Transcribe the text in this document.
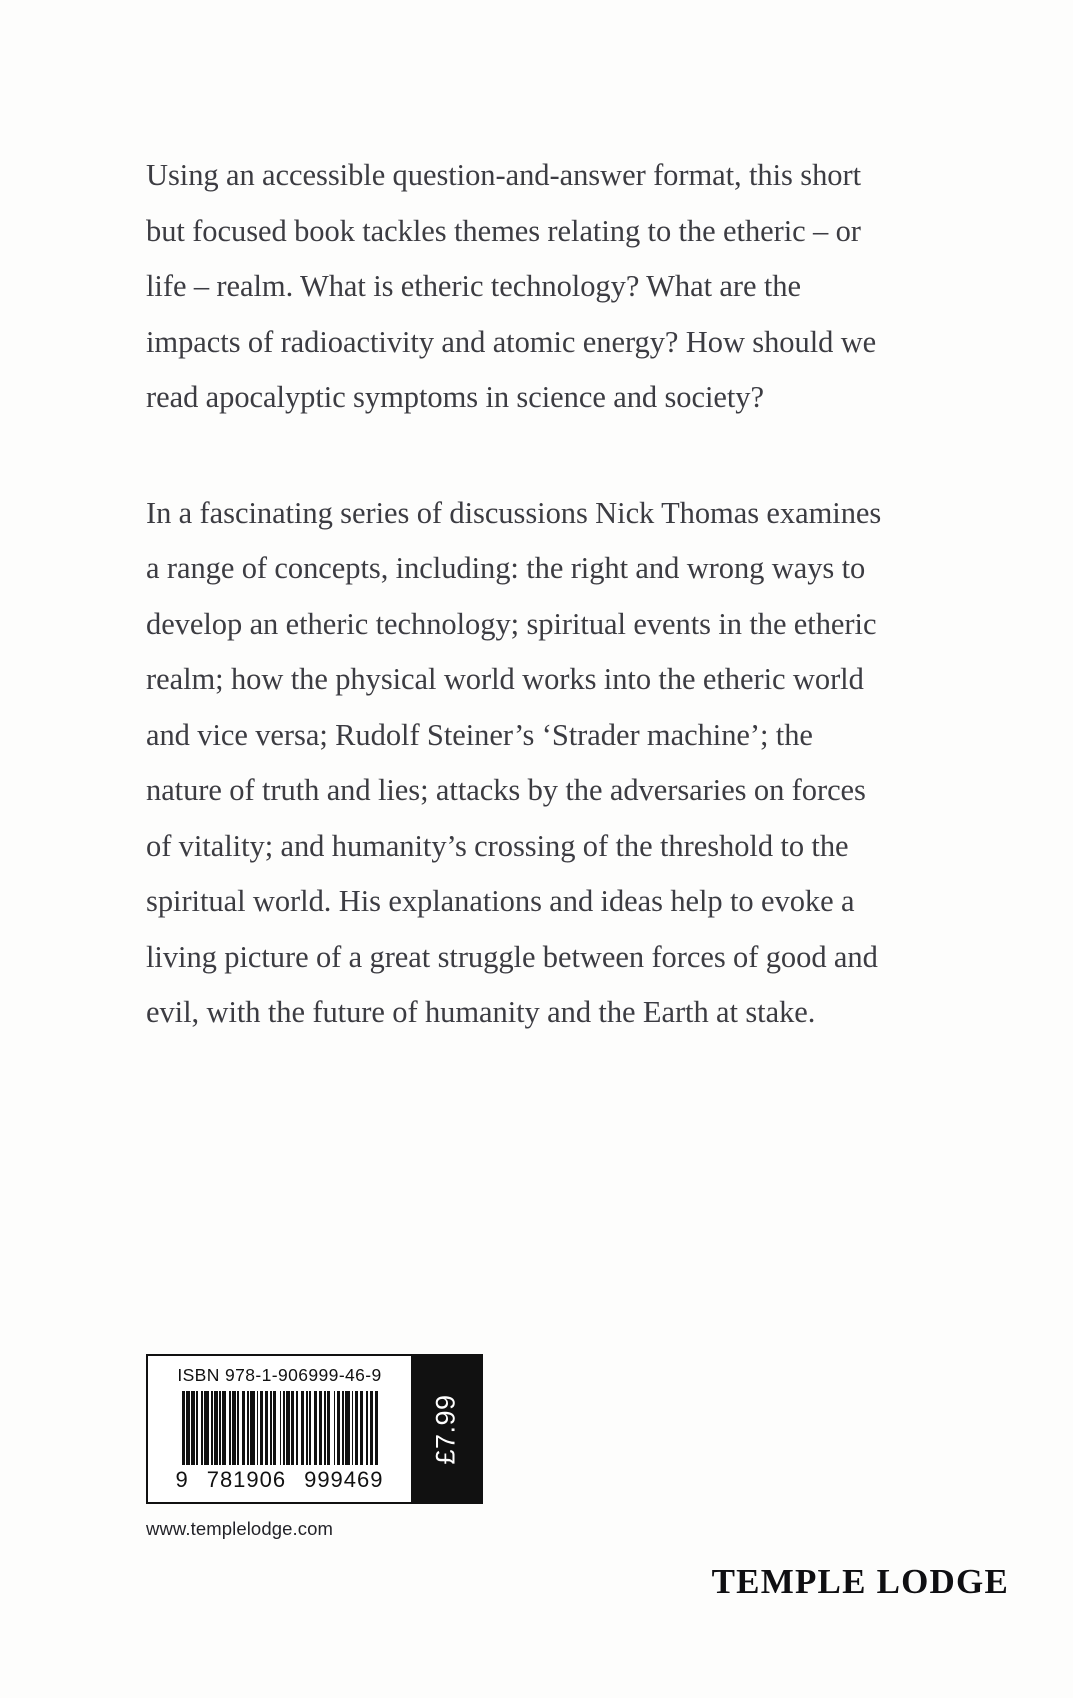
Using an accessible question-and-answer format, this short but focused book tackles themes relating to the etheric – or life – realm. What is etheric technology? What are the impacts of radioactivity and atomic energy? How should we read apocalyptic symptoms in science and society?

In a fascinating series of discussions Nick Thomas examines a range of concepts, including: the right and wrong ways to develop an etheric technology; spiritual events in the etheric realm; how the physical world works into the etheric world and vice versa; Rudolf Steiner’s ‘Strader machine’; the nature of truth and lies; attacks by the adversaries on forces of vitality; and humanity’s crossing of the threshold to the spiritual world. His explanations and ideas help to evoke a living picture of a great struggle between forces of good and evil, with the future of humanity and the Earth at stake.

ISBN 978-1-906999-46-9
9 781906 999469
£7.99
www.templelodge.com
TEMPLE LODGE
